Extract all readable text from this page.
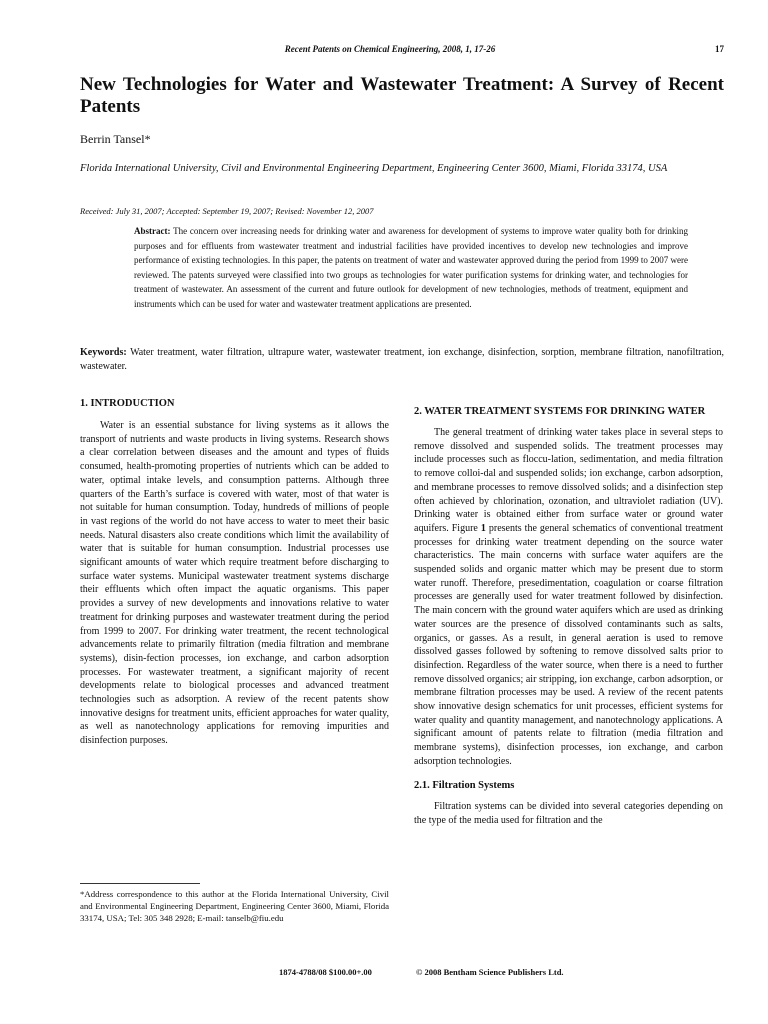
Recent Patents on Chemical Engineering, 2008, 1, 17-26	17
New Technologies for Water and Wastewater Treatment: A Survey of Recent Patents
Berrin Tansel*
Florida International University, Civil and Environmental Engineering Department, Engineering Center 3600, Miami, Florida 33174, USA
Received: July 31, 2007; Accepted: September 19, 2007; Revised: November 12, 2007
Abstract: The concern over increasing needs for drinking water and awareness for development of systems to improve water quality both for drinking purposes and for effluents from wastewater treatment and industrial facilities have provided incentives to develop new technologies and improve performance of existing technologies. In this paper, the patents on treatment of water and wastewater approved during the period from 1999 to 2007 were reviewed. The patents surveyed were classified into two groups as technologies for water purification systems for drinking water, and technologies for treatment of wastewater. An assessment of the current and future outlook for development of new technologies, methods of treatment, equipment and instruments which can be used for water and wastewater treatment applications are presented.
Keywords: Water treatment, water filtration, ultrapure water, wastewater treatment, ion exchange, disinfection, sorption, membrane filtration, nanofiltration, wastewater.
1. INTRODUCTION

Water is an essential substance for living systems as it allows the transport of nutrients and waste products in living systems. Research shows a clear correlation between diseases and the amount and types of fluids consumed, health-promoting properties of nutrients which can be added to water, optimal intake levels, and consumption patterns. Although three quarters of the Earth’s surface is covered with water, most of that water is not suitable for human consumption. Today, hundreds of millions of people in vast regions of the world do not have access to water to meet their basic needs. Natural disasters also create conditions which limit the availability of water that is suitable for human consumption. Industrial processes use significant amounts of water which require treatment before discharging to surface water systems. Municipal wastewater treatment systems discharge their effluents which often impact the aquatic organisms. This paper provides a survey of new developments and innovations relative to water treatment for drinking purposes and wastewater treatment during the period from 1999 to 2007. For drinking water treatment, the recent technological advancements relate to primarily filtration (media filtration and membrane systems), disin-fection processes, ion exchange, and carbon adsorption processes. For wastewater treatment, a significant majority of recent developments relate to biological processes and advanced treatment technologies such as adsorption. A review of the recent patents show innovative designs for treatment units, efficient approaches for water quality, as well as nanotechnology applications for removing impurities and disinfection purposes.

*Address correspondence to this author at the Florida International University, Civil and Environmental Engineering Department, Engineering Center 3600, Miami, Florida 33174, USA; Tel: 305 348 2928; E-mail: tanselb@fiu.edu
2. WATER TREATMENT SYSTEMS FOR DRINKING WATER

The general treatment of drinking water takes place in several steps to remove dissolved and suspended solids. The treatment processes may include processes such as floccu-lation, sedimentation, and media filtration to remove colloi-dal and suspended solids; ion exchange, carbon adsorption, and membrane processes to remove dissolved solids; and a disinfection step often achieved by chlorination, ozonation, and ultraviolet radiation (UV). Drinking water is obtained either from surface water or ground water aquifers. Figure 1 presents the general schematics of conventional treatment processes for drinking water treatment depending on the source water characteristics. The main concerns with surface water aquifers are the suspended solids and organic matter which may be present due to storm water runoff. Therefore, presedimentation, coagulation or coarse filtration processes are generally used for water treatment followed by disinfection. The main concern with the ground water aquifers which are used as drinking water sources are the presence of dissolved contaminants such as salts, organics, or gasses. As a result, in general aeration is used to remove dissolved gasses followed by softening to remove dissolved salts prior to disinfection. Regardless of the water source, when there is a need to further remove dissolved organics; air stripping, ion exchange, carbon adsorption, or membrane filtration processes may be used. A review of the recent patents show innovative design schematics for unit processes, efficient systems for water quality and quantity management, and nanotechnology applications. A significant amount of patents relate to filtration (media filtration and membrane systems), disinfection processes, ion exchange, and carbon adsorption technologies.

2.1. Filtration Systems

Filtration systems can be divided into several categories depending on the type of the media used for filtration and the

1874-4788/08 $100.00+.00	© 2008 Bentham Science Publishers Ltd.
